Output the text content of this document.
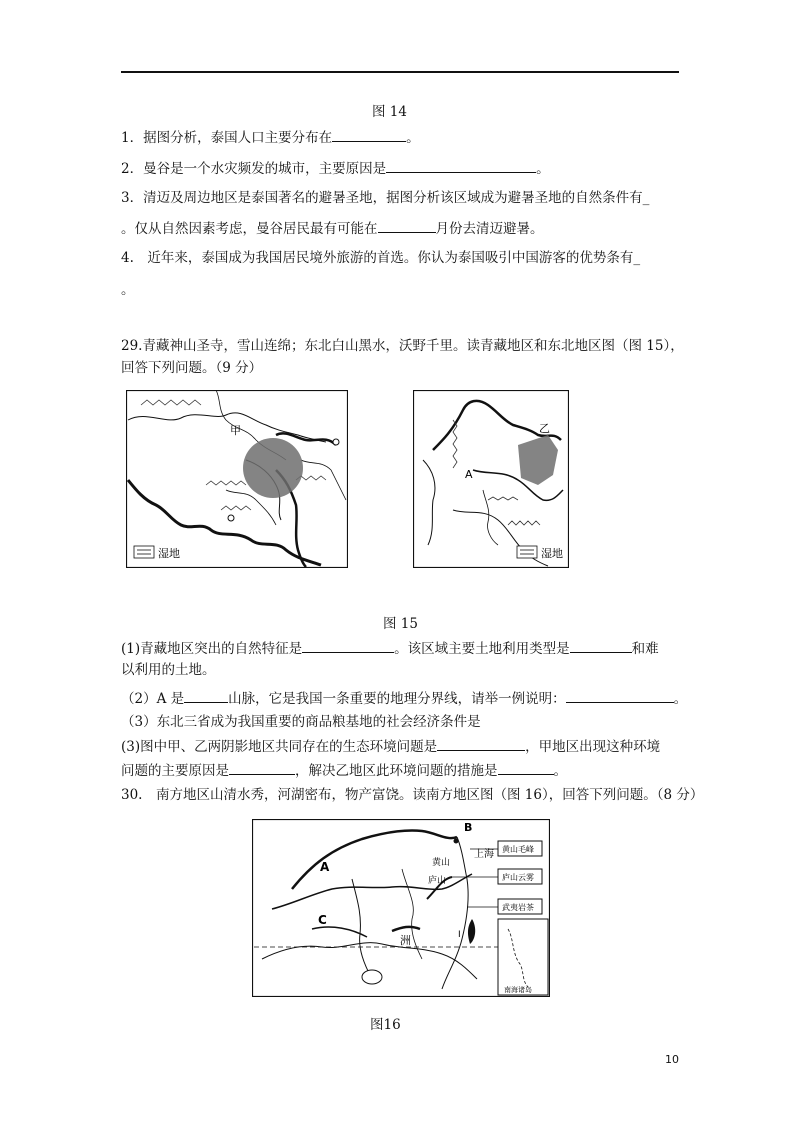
图 14
1．据图分析，泰国人口主要分布在	。
2．曼谷是一个水灾频发的城市，主要原因是	。
3．清迈及周边地区是泰国著名的避暑圣地，据图分析该区域成为避暑圣地的自然条件有_
。仅从自然因素考虑，曼谷居民最有可能在	月份去清迈避暑。
4.　近年来，泰国成为我国居民境外旅游的首选。你认为泰国吸引中国游客的优势条有_
。
29.青藏神山圣寺，雪山连绵；东北白山黑水，沃野千里。读青藏地区和东北地区图（图 15），
回答下列问题。（9 分）
甲
湿地
乙
A
湿地
图 15
(1)青藏地区突出的自然特征是	。该区域主要土地利用类型是	和难
以利用的土地。
（2）A 是	山脉，它是我国一条重要的地理分界线，请举一例说明：	。
（3）东北三省成为我国重要的商品粮基地的社会经济条件是
(3)图中甲、乙两阴影地区共同存在的生态环境问题是	，甲地区出现这种环境
问题的主要原因是	，解决乙地区此环境问题的措施是	。
30.　南方地区山清水秀，河湖密布，物产富饶。读南方地区图（图 16），回答下列问题。（8 分）
黄山毛峰
庐山云雾
武夷岩茶
南海诸岛
B
上海
黄山
庐山
A
C
洲	I
图16
10
